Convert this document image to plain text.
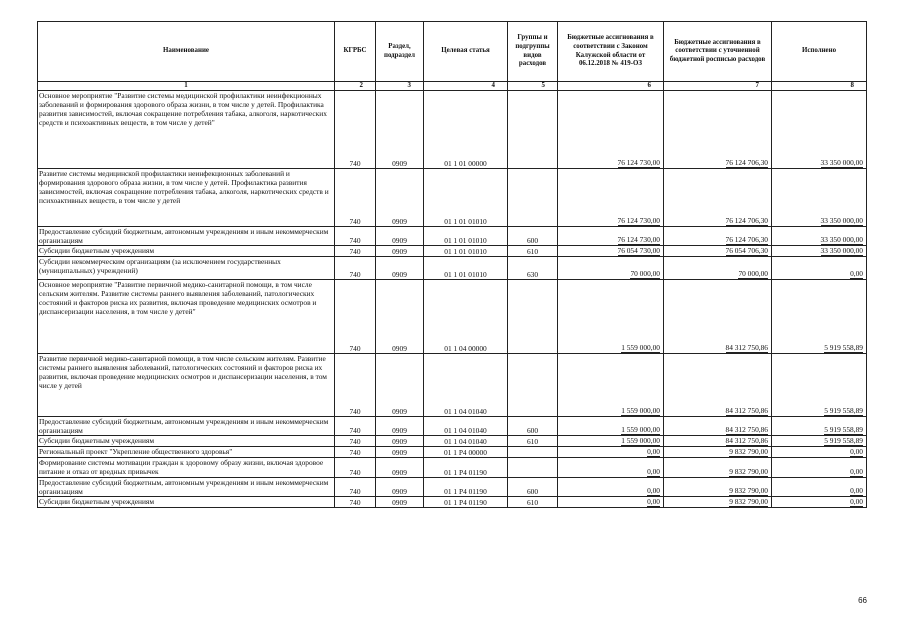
Наименование	КГРБС	Раздел, подраздел	Целевая статья	Группы и подгруппы видов расходов	Бюджетные ассигнования в соответствии с Законом Калужской области от 06.12.2018 № 419-ОЗ	Бюджетные ассигнования в соответствии с уточненной бюджетной росписью расходов	Исполнено
1	2	3	4	5	6	7	8
Основное мероприятие "Развитие системы медицинской профилактики неинфекционных заболеваний и формирования здорового образа жизни, в том числе у детей. Профилактика развития зависимостей, включая сокращение потребления табака, алкоголя, наркотических средств и психоактивных веществ, в том числе у детей"	740	0909	01 1 01 00000		76 124 730,00	76 124 706,30	33 350 000,00
Развитие системы медицинской профилактики неинфекционных заболеваний и формирования здорового образа жизни, в том числе у детей. Профилактика развития зависимостей, включая сокращение потребления табака, алкоголя, наркотических средств и психоактивных веществ, в том числе у детей	740	0909	01 1 01 01010		76 124 730,00	76 124 706,30	33 350 000,00
Предоставление субсидий бюджетным, автономным учреждениям и иным некоммерческим организациям	740	0909	01 1 01 01010	600	76 124 730,00	76 124 706,30	33 350 000,00
Субсидии бюджетным учреждениям	740	0909	01 1 01 01010	610	76 054 730,00	76 054 706,30	33 350 000,00
Субсидии некоммерческим организациям (за исключением государственных (муниципальных) учреждений)	740	0909	01 1 01 01010	630	70 000,00	70 000,00	0,00
Основное мероприятие "Развитие первичной медико-санитарной помощи, в том числе сельским жителям. Развитие системы раннего выявления заболеваний, патологических состояний и факторов риска их развития, включая проведение медицинских осмотров и диспансеризации населения, в том числе у детей"	740	0909	01 1 04 00000		1 559 000,00	84 312 750,86	5 919 558,89
Развитие первичной медико-санитарной помощи, в том числе сельским жителям. Развитие системы раннего выявления заболеваний, патологических состояний и факторов риска их развития, включая проведение медицинских осмотров и диспансеризации населения, в том числе у детей	740	0909	01 1 04 01040		1 559 000,00	84 312 750,86	5 919 558,89
Предоставление субсидий бюджетным, автономным учреждениям и иным некоммерческим организациям	740	0909	01 1 04 01040	600	1 559 000,00	84 312 750,86	5 919 558,89
Субсидии бюджетным учреждениям	740	0909	01 1 04 01040	610	1 559 000,00	84 312 750,86	5 919 558,89
Региональный проект "Укрепление общественного здоровья"	740	0909	01 1 P4 00000		0,00	9 832 790,00	0,00
Формирование системы мотивации граждан к здоровому образу жизни, включая здоровое питание и отказ от вредных привычек	740	0909	01 1 P4 01190		0,00	9 832 790,00	0,00
Предоставление субсидий бюджетным, автономным учреждениям и иным некоммерческим организациям	740	0909	01 1 P4 01190	600	0,00	9 832 790,00	0,00
Субсидии бюджетным учреждениям	740	0909	01 1 P4 01190	610	0,00	9 832 790,00	0,00
66
